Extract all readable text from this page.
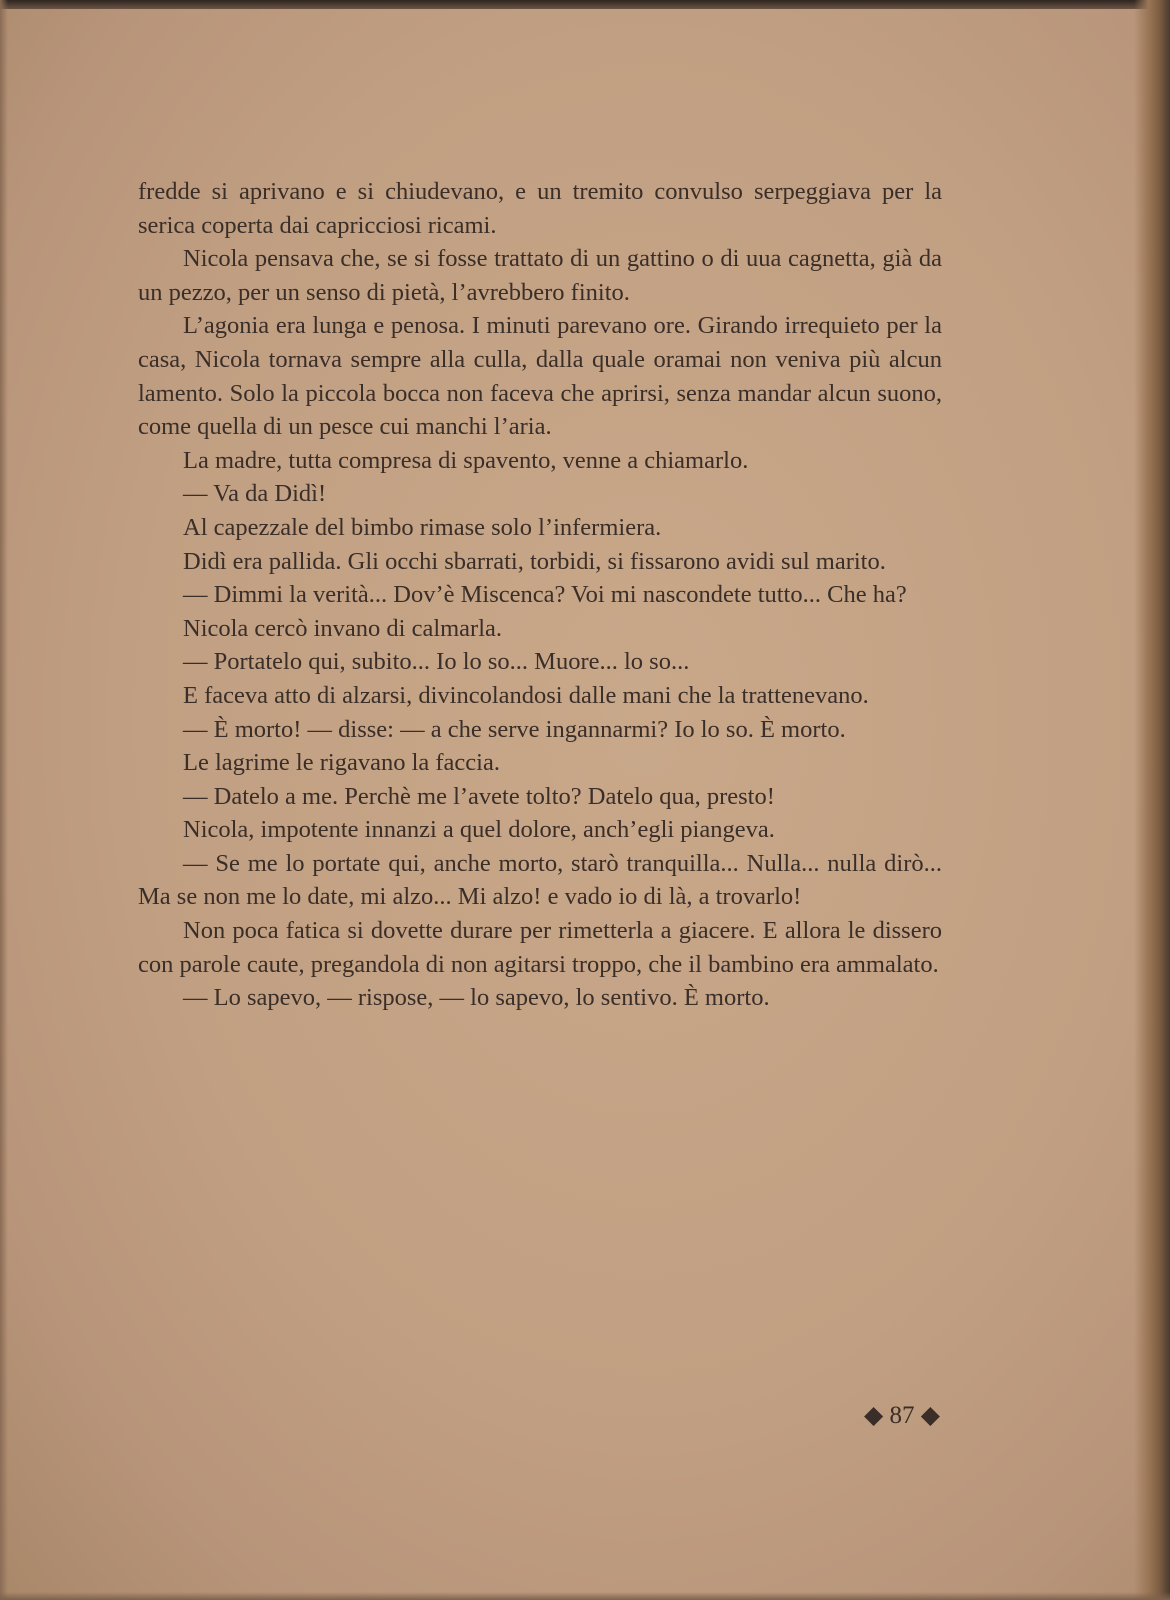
fredde si aprivano e si chiudevano, e un tremito convulso serpeggiava per la serica coperta dai capricciosi ricami.

Nicola pensava che, se si fosse trattato di un gattino o di uua cagnetta, già da un pezzo, per un senso di pietà, l’avrebbero finito.

L’agonia era lunga e penosa. I minuti parevano ore. Girando irrequieto per la casa, Nicola tornava sempre alla culla, dalla quale oramai non veniva più alcun lamento. Solo la piccola bocca non faceva che aprirsi, senza mandar alcun suono, come quella di un pesce cui manchi l’aria.

La madre, tutta compresa di spavento, venne a chiamarlo.

— Va da Didì!

Al capezzale del bimbo rimase solo l’infermiera.

Didì era pallida. Gli occhi sbarrati, torbidi, si fissarono avidi sul marito.

— Dimmi la verità... Dov’è Miscenca? Voi mi nascondete tutto... Che ha?

Nicola cercò invano di calmarla.

— Portatelo qui, subito... Io lo so... Muore... lo so...

E faceva atto di alzarsi, divincolandosi dalle mani che la trattenevano.

— È morto! — disse: — a che serve ingannarmi? Io lo so. È morto.

Le lagrime le rigavano la faccia.

— Datelo a me. Perchè me l’avete tolto? Datelo qua, presto!

Nicola, impotente innanzi a quel dolore, anch’egli piangeva.

— Se me lo portate qui, anche morto, starò tranquilla... Nulla... nulla dirò... Ma se non me lo date, mi alzo... Mi alzo! e vado io di là, a trovarlo!

Non poca fatica si dovette durare per rimetterla a giacere. E allora le dissero con parole caute, pregandola di non agitarsi troppo, che il bambino era ammalato.

— Lo sapevo, — rispose, — lo sapevo, lo sentivo. È morto.

◆ 87 ◆
